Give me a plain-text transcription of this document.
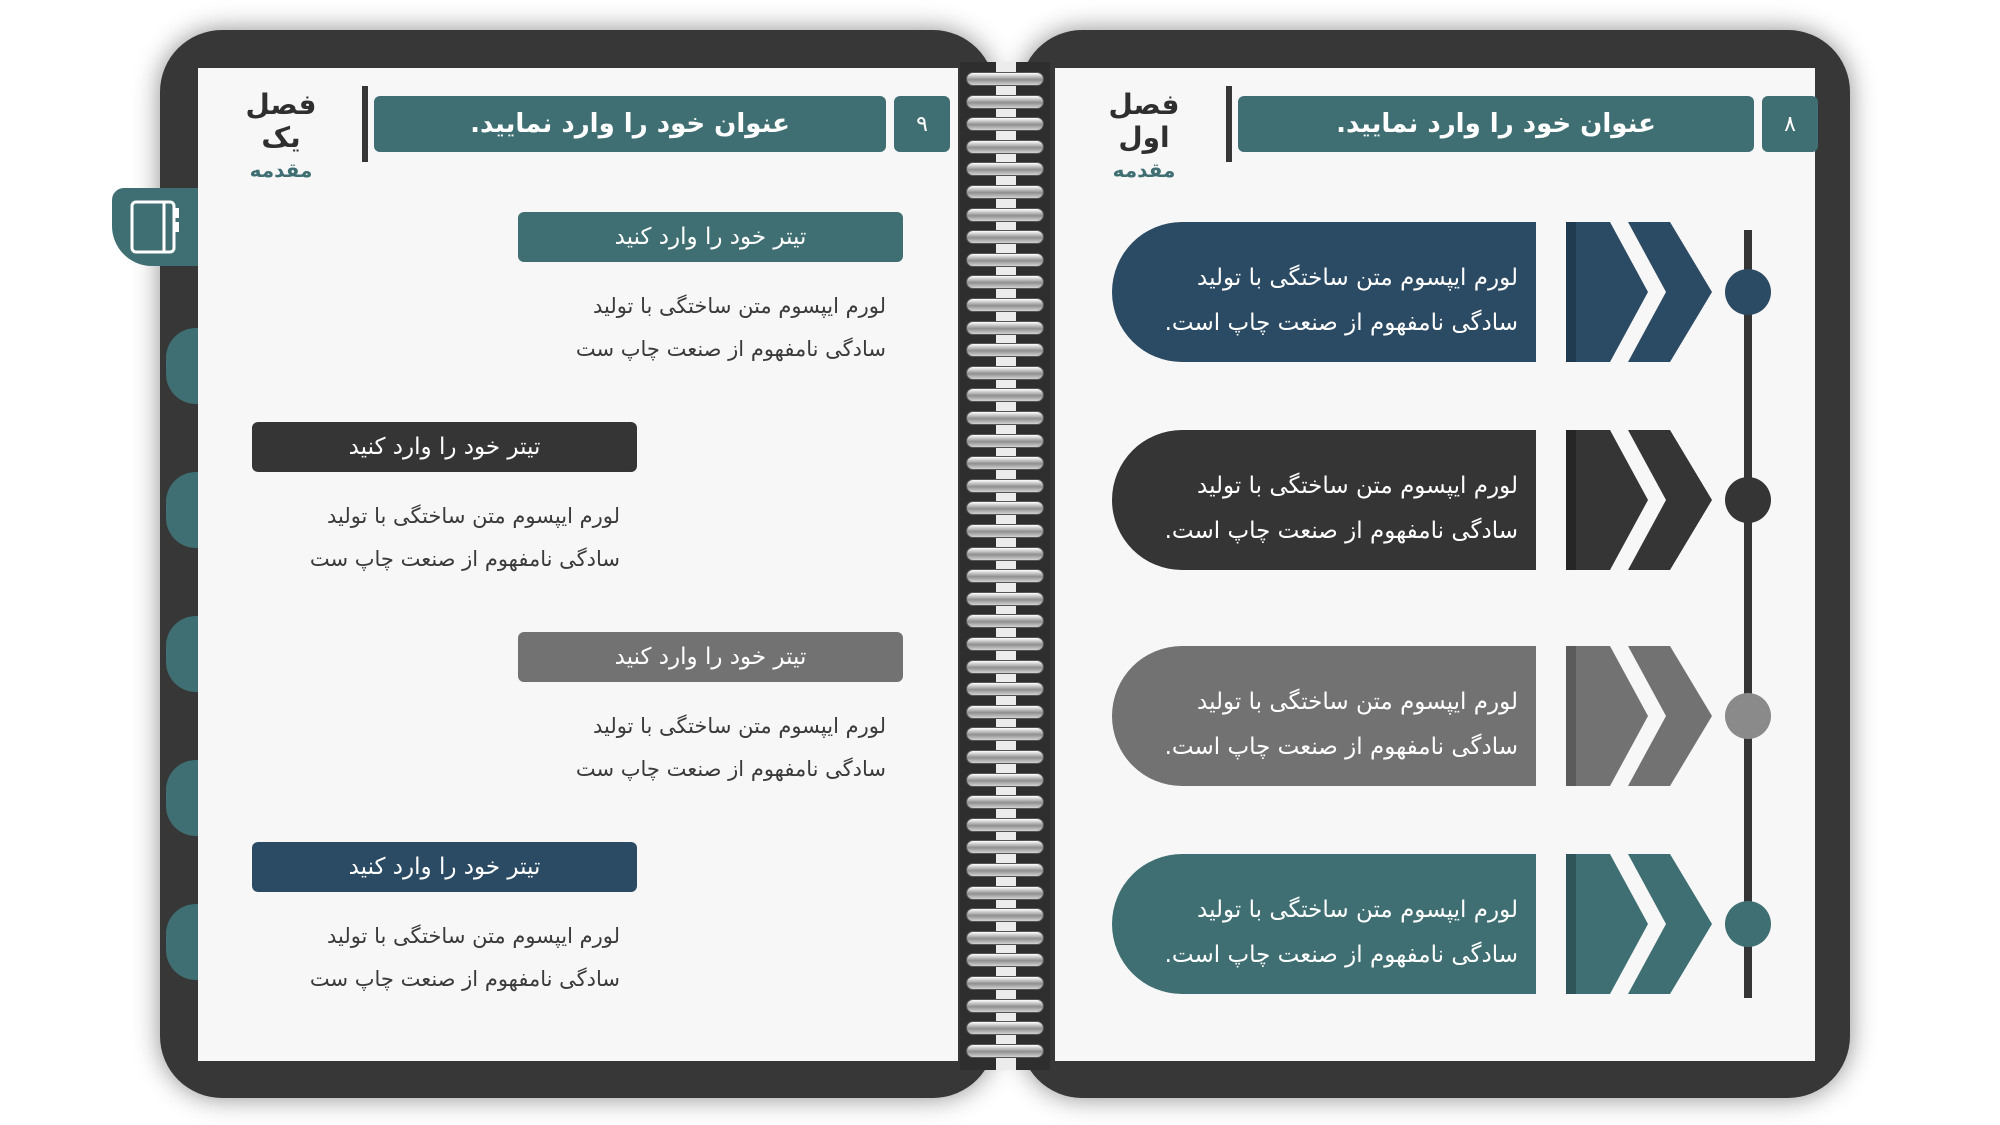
فصل یک
مقدمه
عنوان خود را وارد نمایید.	۹
تیتر خود را وارد کنید
لورم ایپسوم متن ساختگی با تولید
سادگی نامفهوم از صنعت چاپ ست
تیتر خود را وارد کنید
لورم ایپسوم متن ساختگی با تولید
سادگی نامفهوم از صنعت چاپ ست
تیتر خود را وارد کنید
لورم ایپسوم متن ساختگی با تولید
سادگی نامفهوم از صنعت چاپ ست
تیتر خود را وارد کنید
لورم ایپسوم متن ساختگی با تولید
سادگی نامفهوم از صنعت چاپ ست
فصل اول
مقدمه
عنوان خود را وارد نمایید.	۸
لورم ایپسوم متن ساختگی با تولید
سادگی نامفهوم از صنعت چاپ است.
لورم ایپسوم متن ساختگی با تولید
سادگی نامفهوم از صنعت چاپ است.
لورم ایپسوم متن ساختگی با تولید
سادگی نامفهوم از صنعت چاپ است.
لورم ایپسوم متن ساختگی با تولید
سادگی نامفهوم از صنعت چاپ است.
